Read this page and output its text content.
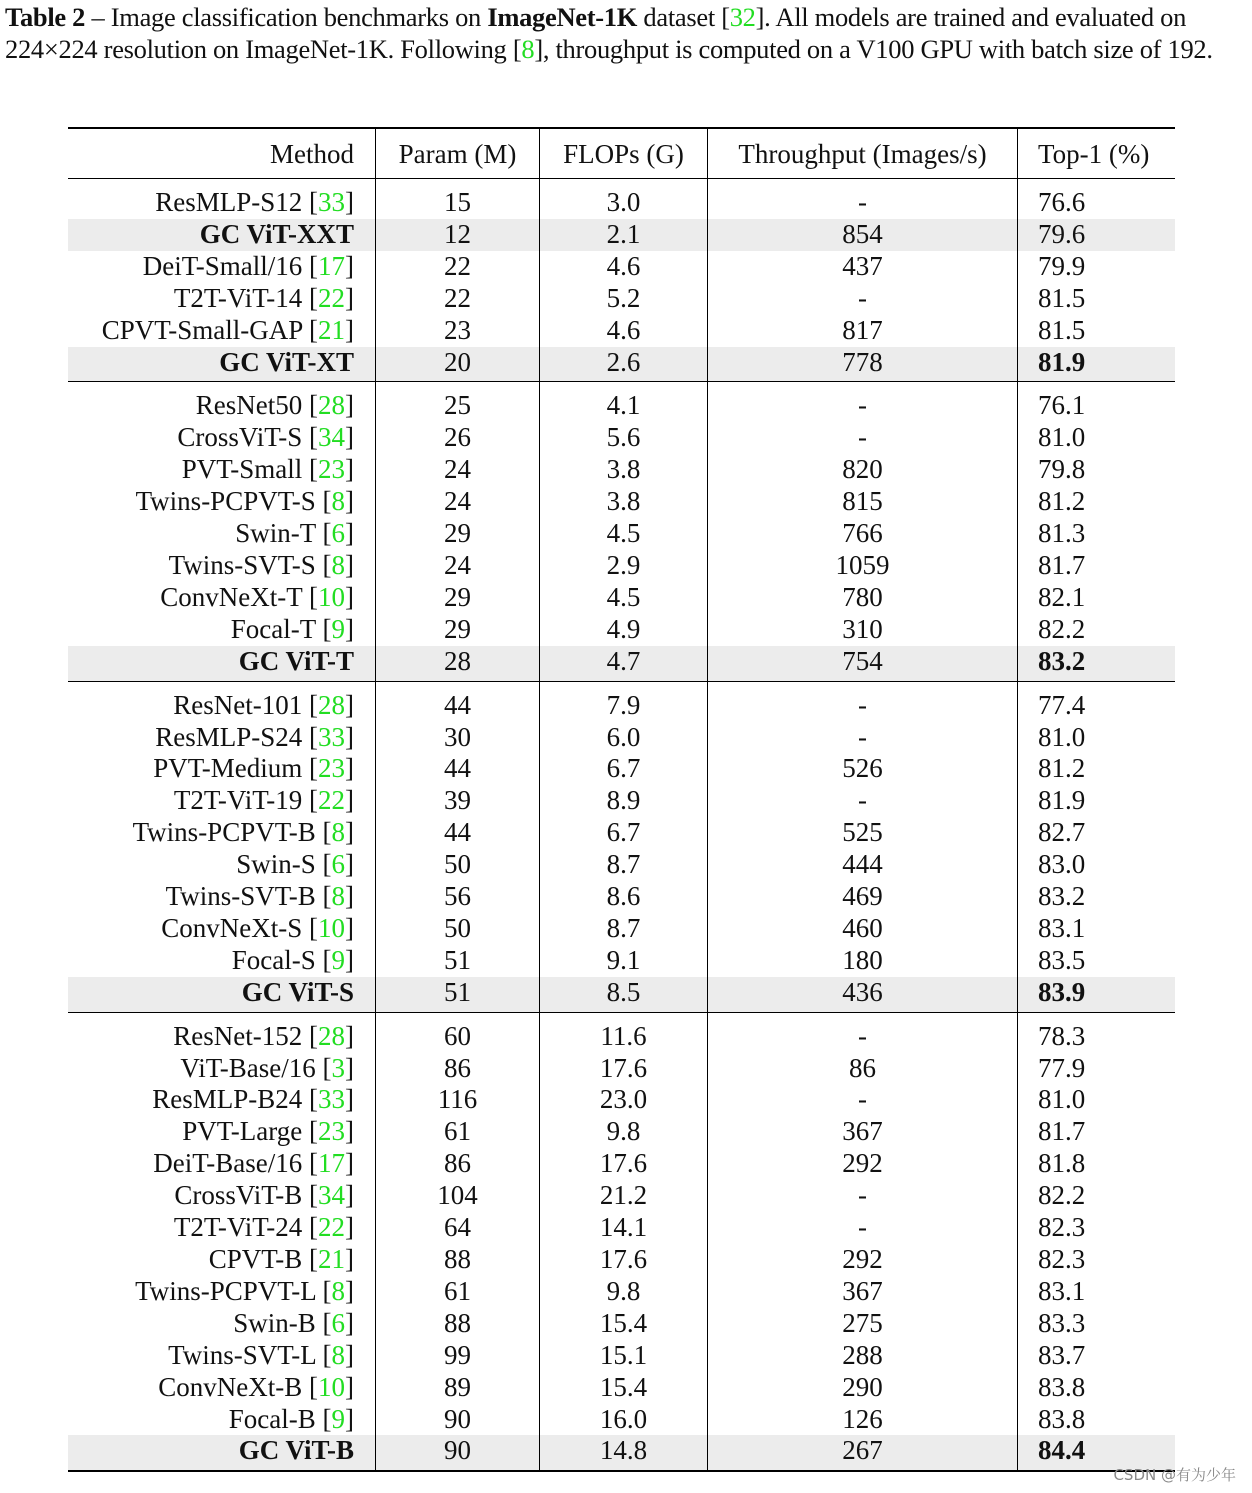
Table 2 – Image classification benchmarks on ImageNet-1K dataset [32]. All models are trained and evaluated on 224×224 resolution on ImageNet-1K. Following [8], throughput is computed on a V100 GPU with batch size of 192.
Method	Param (M)	FLOPs (G)	Throughput (Images/s)	Top-1 (%)
ResMLP-S12 [33]	15	3.0	-	76.6
GC ViT-XXT	12	2.1	854	79.6
DeiT-Small/16 [17]	22	4.6	437	79.9
T2T-ViT-14 [22]	22	5.2	-	81.5
CPVT-Small-GAP [21]	23	4.6	817	81.5
GC ViT-XT	20	2.6	778	81.9
ResNet50 [28]	25	4.1	-	76.1
CrossViT-S [34]	26	5.6	-	81.0
PVT-Small [23]	24	3.8	820	79.8
Twins-PCPVT-S [8]	24	3.8	815	81.2
Swin-T [6]	29	4.5	766	81.3
Twins-SVT-S [8]	24	2.9	1059	81.7
ConvNeXt-T [10]	29	4.5	780	82.1
Focal-T [9]	29	4.9	310	82.2
GC ViT-T	28	4.7	754	83.2
ResNet-101 [28]	44	7.9	-	77.4
ResMLP-S24 [33]	30	6.0	-	81.0
PVT-Medium [23]	44	6.7	526	81.2
T2T-ViT-19 [22]	39	8.9	-	81.9
Twins-PCPVT-B [8]	44	6.7	525	82.7
Swin-S [6]	50	8.7	444	83.0
Twins-SVT-B [8]	56	8.6	469	83.2
ConvNeXt-S [10]	50	8.7	460	83.1
Focal-S [9]	51	9.1	180	83.5
GC ViT-S	51	8.5	436	83.9
ResNet-152 [28]	60	11.6	-	78.3
ViT-Base/16 [3]	86	17.6	86	77.9
ResMLP-B24 [33]	116	23.0	-	81.0
PVT-Large [23]	61	9.8	367	81.7
DeiT-Base/16 [17]	86	17.6	292	81.8
CrossViT-B [34]	104	21.2	-	82.2
T2T-ViT-24 [22]	64	14.1	-	82.3
CPVT-B [21]	88	17.6	292	82.3
Twins-PCPVT-L [8]	61	9.8	367	83.1
Swin-B [6]	88	15.4	275	83.3
Twins-SVT-L [8]	99	15.1	288	83.7
ConvNeXt-B [10]	89	15.4	290	83.8
Focal-B [9]	90	16.0	126	83.8
GC ViT-B	90	14.8	267	84.4
CSDN @有为少年
